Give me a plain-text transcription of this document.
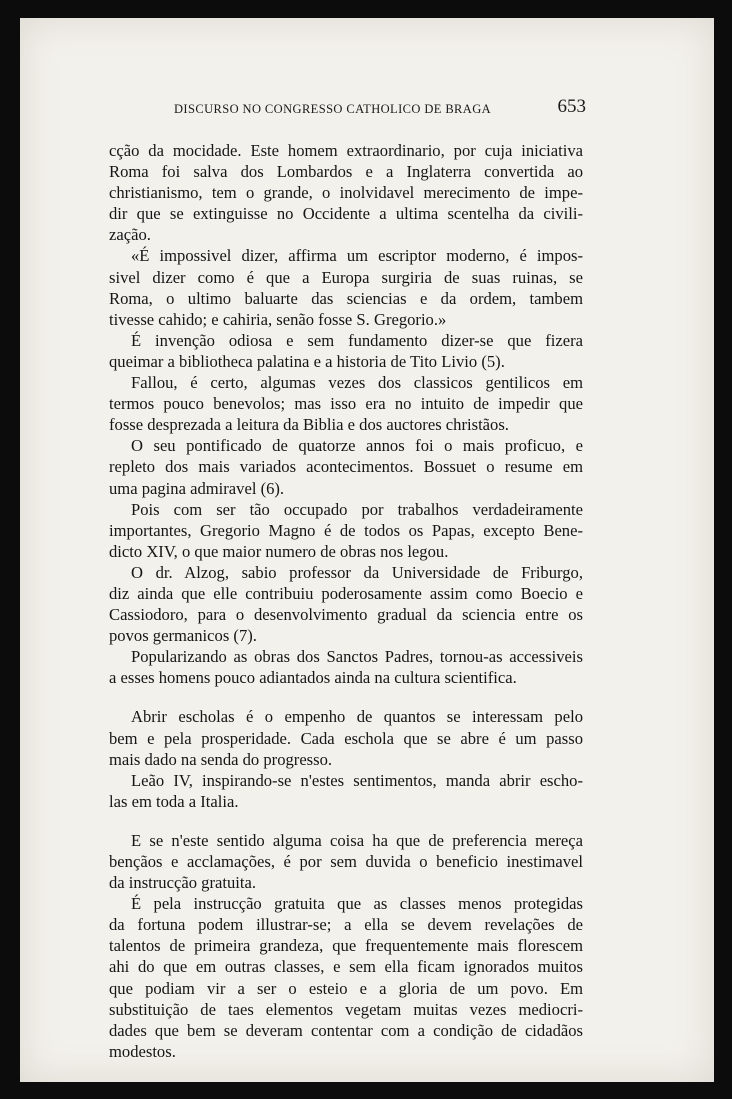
DISCURSO NO CONGRESSO CATHOLICO DE BRAGA	653
cção da mocidade. Este homem extraordinario, por cuja iniciativa
Roma foi salva dos Lombardos e a Inglaterra convertida ao
christianismo, tem o grande, o inolvidavel merecimento de impe-
dir que se extinguisse no Occidente a ultima scentelha da civili-
zação.
«É impossivel dizer, affirma um escriptor moderno, é impos-
sivel dizer como é que a Europa surgiria de suas ruinas, se
Roma, o ultimo baluarte das sciencias e da ordem, tambem
tivesse cahido; e cahiria, senão fosse S. Gregorio.»
É invenção odiosa e sem fundamento dizer-se que fizera
queimar a bibliotheca palatina e a historia de Tito Livio (5).
Fallou, é certo, algumas vezes dos classicos gentilicos em
termos pouco benevolos; mas isso era no intuito de impedir que
fosse desprezada a leitura da Biblia e dos auctores christãos.
O seu pontificado de quatorze annos foi o mais proficuo, e
repleto dos mais variados acontecimentos. Bossuet o resume em
uma pagina admiravel (6).
Pois com ser tão occupado por trabalhos verdadeiramente
importantes, Gregorio Magno é de todos os Papas, excepto Bene-
dicto XIV, o que maior numero de obras nos legou.
O dr. Alzog, sabio professor da Universidade de Friburgo,
diz ainda que elle contribuiu poderosamente assim como Boecio e
Cassiodoro, para o desenvolvimento gradual da sciencia entre os
povos germanicos (7).
Popularizando as obras dos Sanctos Padres, tornou-as accessiveis
a esses homens pouco adiantados ainda na cultura scientifica.
Abrir escholas é o empenho de quantos se interessam pelo
bem e pela prosperidade. Cada eschola que se abre é um passo
mais dado na senda do progresso.
Leão IV, inspirando-se n'estes sentimentos, manda abrir escho-
las em toda a Italia.
E se n'este sentido alguma coisa ha que de preferencia mereça
bençãos e acclamações, é por sem duvida o beneficio inestimavel
da instrucção gratuita.
É pela instrucção gratuita que as classes menos protegidas
da fortuna podem illustrar-se; a ella se devem revelações de
talentos de primeira grandeza, que frequentemente mais florescem
ahi do que em outras classes, e sem ella ficam ignorados muitos
que podiam vir a ser o esteio e a gloria de um povo. Em
substituição de taes elementos vegetam muitas vezes mediocri-
dades que bem se deveram contentar com a condição de cidadãos
modestos.
